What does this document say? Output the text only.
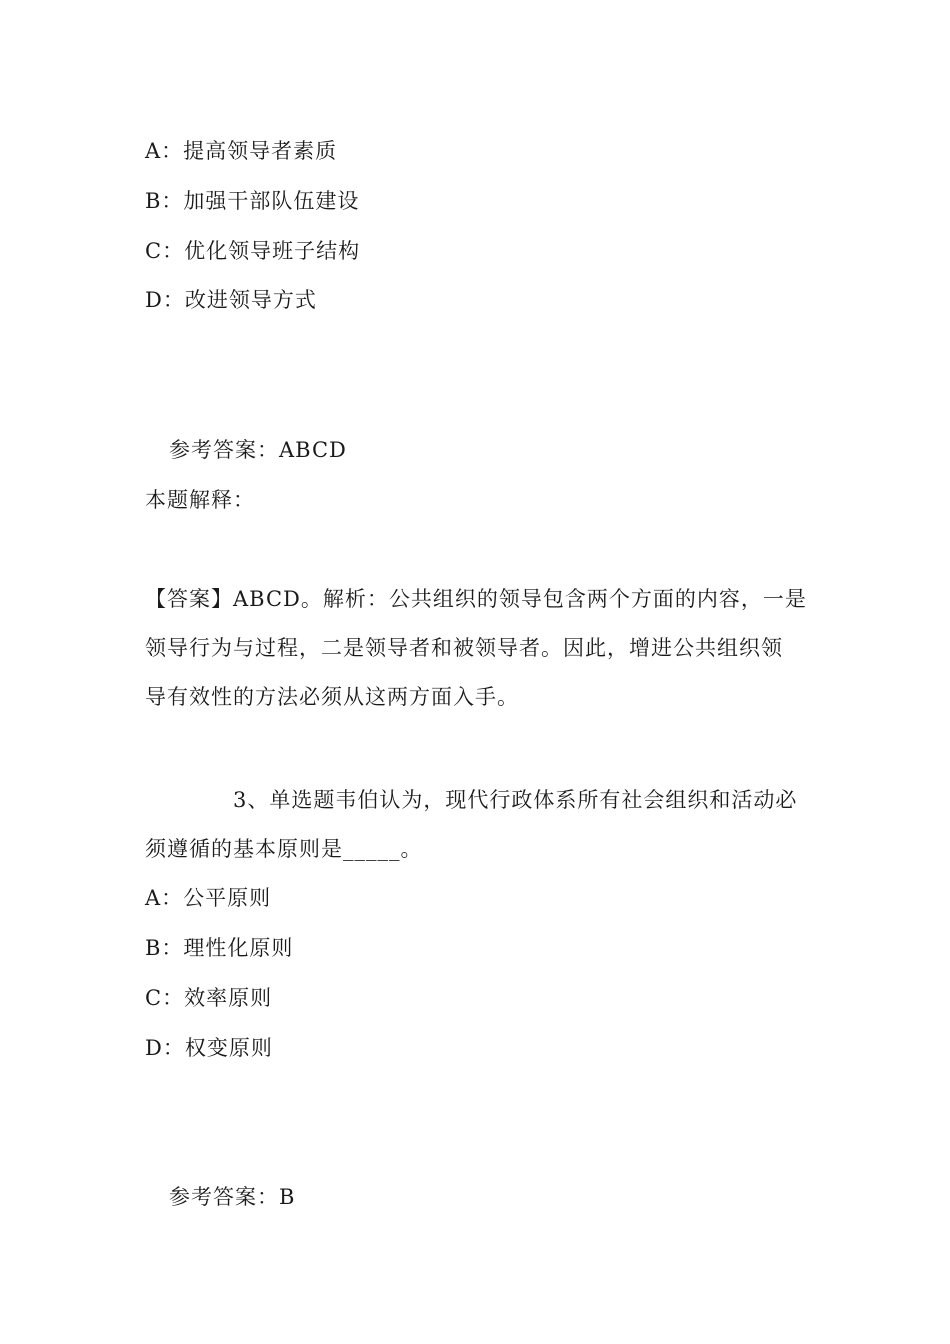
A：提高领导者素质
B：加强干部队伍建设
C：优化领导班子结构
D：改进领导方式
参考答案：ABCD
本题解释：
【答案】ABCD。解析：公共组织的领导包含两个方面的内容，一是
领导行为与过程，二是领导者和被领导者。因此，增进公共组织领
导有效性的方法必须从这两方面入手。
3、单选题韦伯认为，现代行政体系所有社会组织和活动必
须遵循的基本原则是_____。
A：公平原则
B：理性化原则
C：效率原则
D：权变原则
参考答案：B
